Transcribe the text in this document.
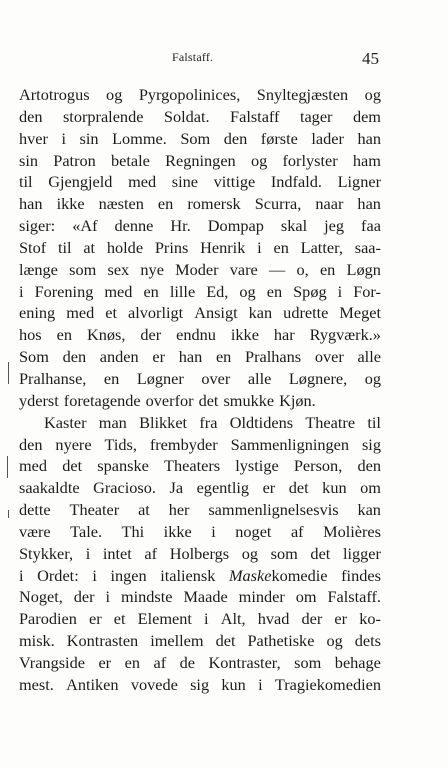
Falstaff.	45
Artotrogus og Pyrgopolinices, Snyltegjæsten og
den storpralende Soldat. Falstaff tager dem
hver i sin Lomme. Som den første lader han
sin Patron betale Regningen og forlyster ham
til Gjengjeld med sine vittige Indfald. Ligner
han ikke næsten en romersk Scurra, naar han
siger: «Af denne Hr. Dompap skal jeg faa
Stof til at holde Prins Henrik i en Latter, saa-
længe som sex nye Moder vare — o, en Løgn
i Forening med en lille Ed, og en Spøg i For-
ening med et alvorligt Ansigt kan udrette Meget
hos en Knøs, der endnu ikke har Rygværk.»
Som den anden er han en Pralhans over alle
Pralhanse, en Løgner over alle Løgnere, og
yderst foretagende overfor det smukke Kjøn.
Kaster man Blikket fra Oldtidens Theatre til
den nyere Tids, frembyder Sammenligningen sig
med det spanske Theaters lystige Person, den
saakaldte Gracioso. Ja egentlig er det kun om
dette Theater at her sammenlignelsesvis kan
være Tale. Thi ikke i noget af Molières
Stykker, i intet af Holbergs og som det ligger
i Ordet: i ingen italiensk Maskekomedie findes
Noget, der i mindste Maade minder om Falstaff.
Parodien er et Element i Alt, hvad der er ko-
misk. Kontrasten imellem det Pathetiske og dets
Vrangside er en af de Kontraster, som behage
mest. Antiken vovede sig kun i Tragiekomedien
